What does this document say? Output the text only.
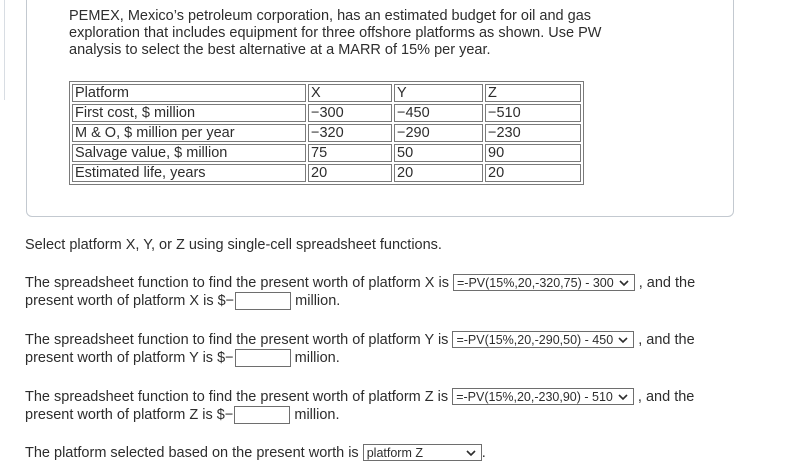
PEMEX, Mexico’s petroleum corporation, has an estimated budget for oil and gas
exploration that includes equipment for three offshore platforms as shown. Use PW
analysis to select the best alternative at a MARR of 15% per year.
Platform	X	Y	Z
First cost, $ million	−300	−450	−510
M & O, $ million per year	−320	−290	−230
Salvage value, $ million	75	50	90
Estimated life, years	20	20	20
Select platform X, Y, or Z using single-cell spreadsheet functions.
The spreadsheet function to find the present worth of platform X is =-PV(15%,20,-320,75) - 300 , and the
present worth of platform X is $−	million.
The spreadsheet function to find the present worth of platform Y is =-PV(15%,20,-290,50) - 450 , and the
present worth of platform Y is $−	million.
The spreadsheet function to find the present worth of platform Z is =-PV(15%,20,-230,90) - 510 , and the
present worth of platform Z is $−	million.
The platform selected based on the present worth is platform Z	.
